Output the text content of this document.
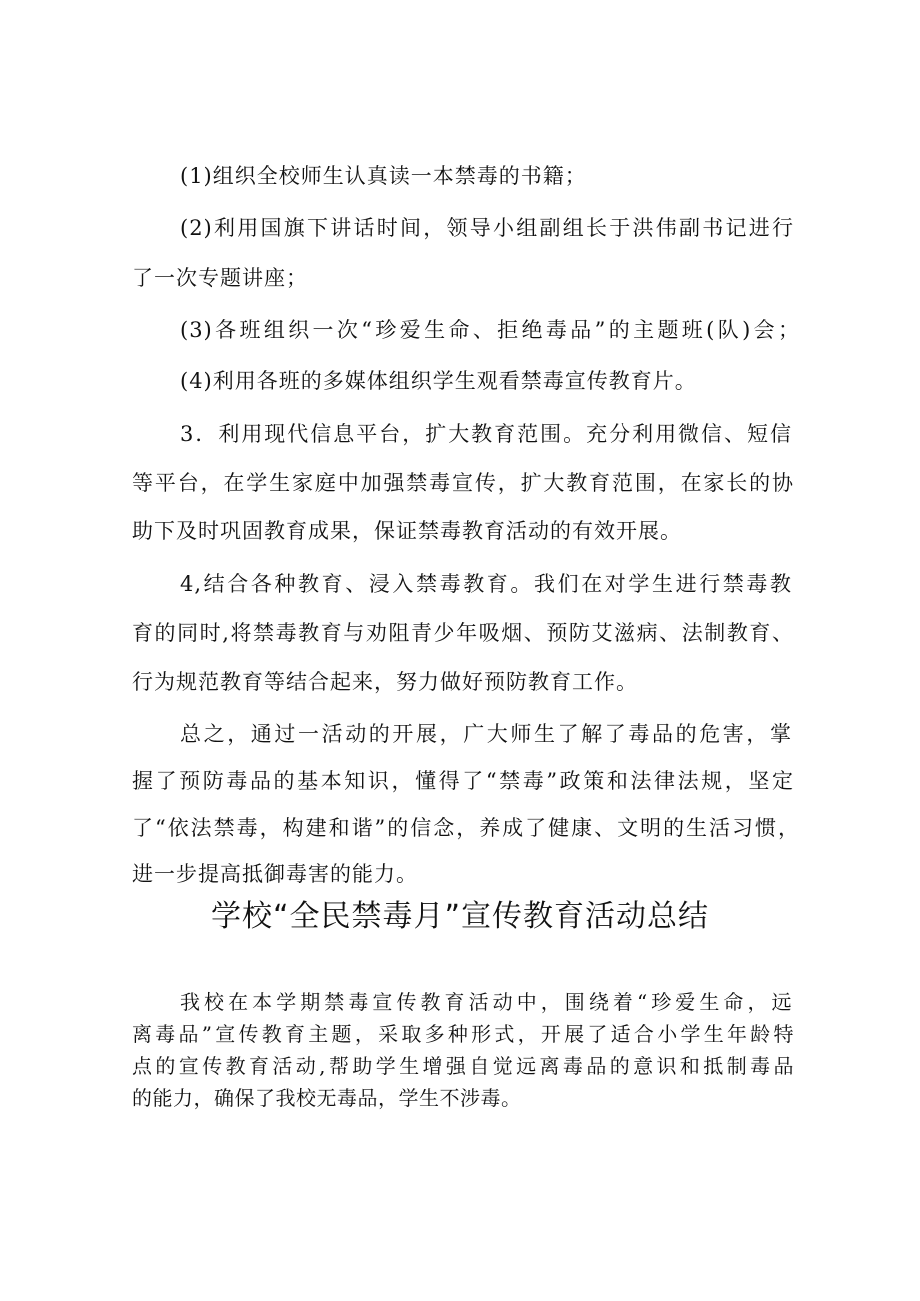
(1)组织全校师生认真读一本禁毒的书籍；
(2)利用国旗下讲话时间，领导小组副组长于洪伟副书记进行
了一次专题讲座；
(3)各班组织一次“珍爱生命、拒绝毒品”的主题班(队)会；
(4)利用各班的多媒体组织学生观看禁毒宣传教育片。
3．利用现代信息平台，扩大教育范围。充分利用微信、短信
等平台，在学生家庭中加强禁毒宣传，扩大教育范围，在家长的协
助下及时巩固教育成果，保证禁毒教育活动的有效开展。
4,结合各种教育、浸入禁毒教育。我们在对学生进行禁毒教
育的同时,将禁毒教育与劝阻青少年吸烟、预防艾滋病、法制教育、
行为规范教育等结合起来，努力做好预防教育工作。
总之，通过一活动的开展，广大师生了解了毒品的危害，掌
握了预防毒品的基本知识，懂得了“禁毒”政策和法律法规，坚定
了“依法禁毒，构建和谐”的信念，养成了健康、文明的生活习惯，
进一步提高抵御毒害的能力。
学校“全民禁毒月”宣传教育活动总结
我校在本学期禁毒宣传教育活动中，围绕着“珍爱生命，远
离毒品”宣传教育主题，采取多种形式，开展了适合小学生年龄特
点的宣传教育活动,帮助学生增强自觉远离毒品的意识和抵制毒品
的能力，确保了我校无毒品，学生不涉毒。
